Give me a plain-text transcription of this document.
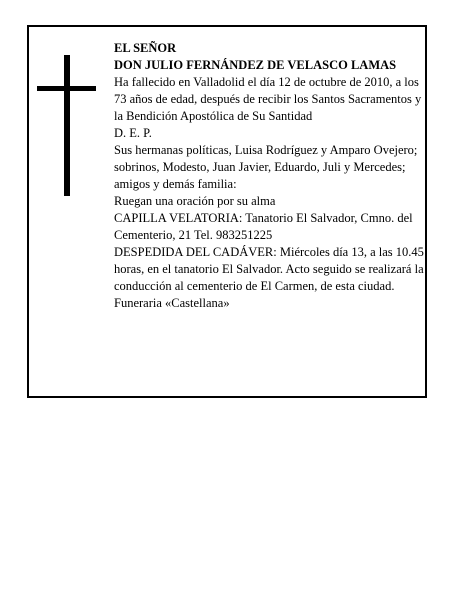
EL SEÑOR

DON JULIO FERNÁNDEZ DE VELASCO LAMAS

Ha fallecido en Valladolid el día 12 de octubre de 2010, a los 73 años de edad, después de recibir los Santos Sacramentos y la Bendición Apostólica de Su Santidad

D. E. P.

Sus hermanas políticas, Luisa Rodríguez y Amparo Ovejero; sobrinos, Modesto, Juan Javier, Eduardo, Juli y Mercedes; amigos y demás familia:

Ruegan una oración por su alma

CAPILLA VELATORIA: Tanatorio El Salvador, Cmno. del Cementerio, 21 Tel. 983251225

DESPEDIDA DEL CADÁVER: Miércoles día 13, a las 10.45 horas, en el tanatorio El Salvador. Acto seguido se realizará la conducción al cementerio de El Carmen, de esta ciudad.

Funeraria «Castellana»
